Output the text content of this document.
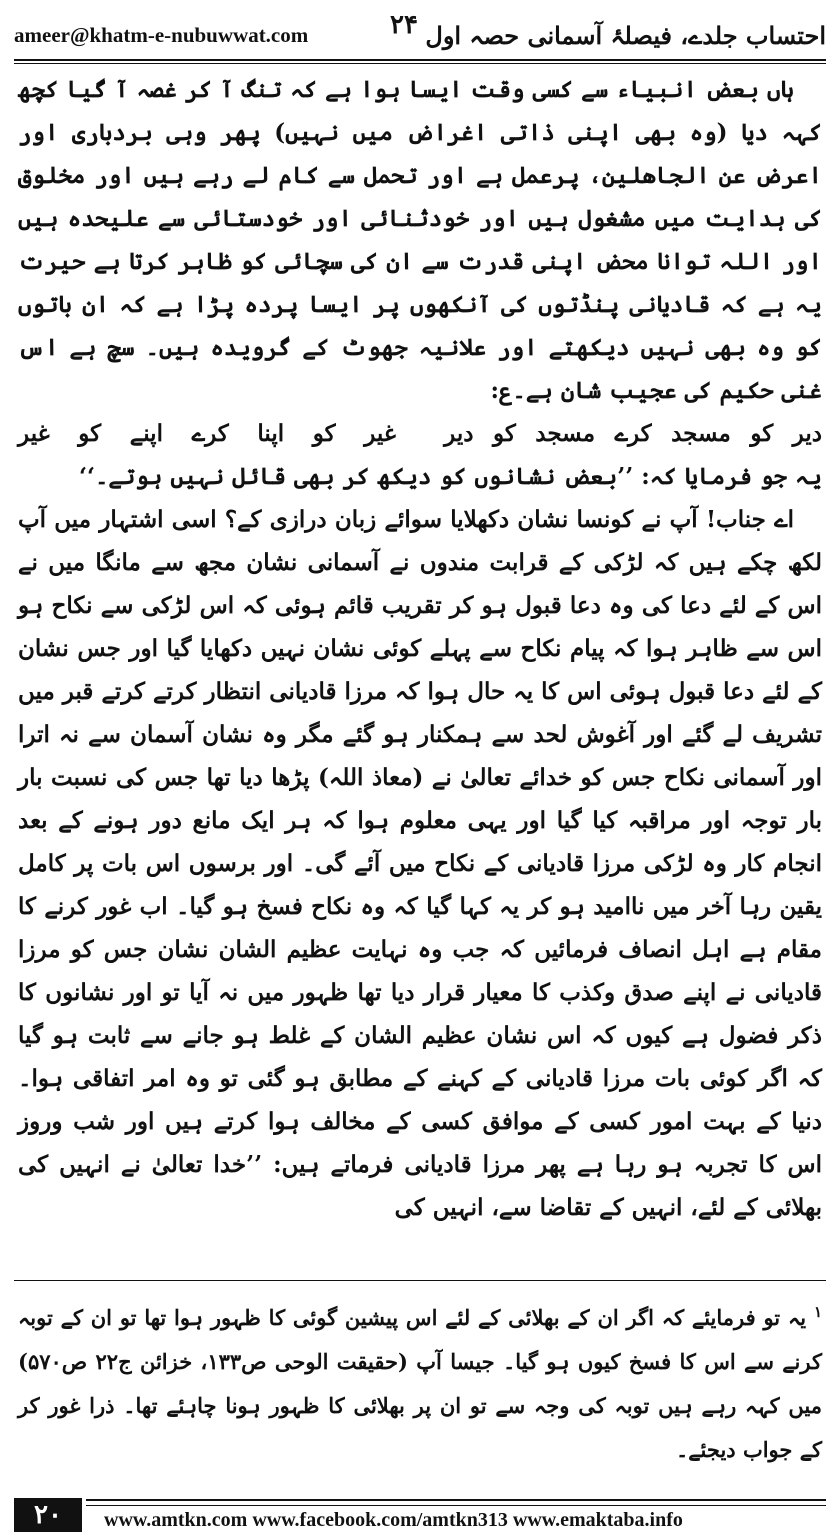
ameer@khatm-e-nubuwwat.com	احتساب جلدے، فیصلۂ آسمانی حصہ اول
۲۴

ہاں بعض انبیاء سے کسی وقت ایسا ہوا ہے کہ تنگ آ کر غصہ آ گیا کچھ کہہ دیا (وہ بھی اپنی ذاتی اغراض میں نہیں) پھر وہی بردباری اور اعرض عن الجاھلین، پرعمل ہے اور تحمل سے کام لے رہے ہیں اور مخلوق کی ہدایت میں مشغول ہیں اور خودثنائی اور خودستائی سے علیحدہ ہیں اور اللہ توانا محض اپنی قدرت سے ان کی سچائی کو ظاہر کرتا ہے حیرت یہ ہے کہ قادیانی پنڈتوں کی آنکھوں پر ایسا پردہ پڑا ہے کہ ان باتوں کو وہ بھی نہیں دیکھتے اور علانیہ جھوٹ کے گرویدہ ہیں۔ سچ ہے اس غنی حکیم کی عجیب شان ہے۔ع:

دیر کو مسجد کرے مسجد کو دیر
غیر کو اپنا کرے اپنے کو غیر

یہ جو فرمایا کہ: ’’بعض نشانوں کو دیکھ کر بھی قائل نہیں ہوتے۔‘‘

اے جناب! آپ نے کونسا نشان دکھلایا سوائے زبان درازی کے؟ اسی اشتہار میں آپ لکھ چکے ہیں کہ لڑکی کے قرابت مندوں نے آسمانی نشان مجھ سے مانگا میں نے اس کے لئے دعا کی وہ دعا قبول ہو کر تقریب قائم ہوئی کہ اس لڑکی سے نکاح ہو اس سے ظاہر ہوا کہ پیام نکاح سے پہلے کوئی نشان نہیں دکھایا گیا اور جس نشان کے لئے دعا قبول ہوئی اس کا یہ حال ہوا کہ مرزا قادیانی انتظار کرتے کرتے قبر میں تشریف لے گئے اور آغوش لحد سے ہمکنار ہو گئے مگر وہ نشان آسمان سے نہ اترا اور آسمانی نکاح جس کو خدائے تعالیٰ نے (معاذ اللہ) پڑھا دیا تھا جس کی نسبت بار بار توجہ اور مراقبہ کیا گیا اور یہی معلوم ہوا کہ ہر ایک مانع دور ہونے کے بعد انجام کار وہ لڑکی مرزا قادیانی کے نکاح میں آئے گی۔ اور برسوں اس بات پر کامل یقین رہا آخر میں ناامید ہو کر یہ کہا گیا کہ وہ نکاح فسخ ہو گیا۔ اب غور کرنے کا مقام ہے اہل انصاف فرمائیں کہ جب وہ نہایت عظیم الشان نشان جس کو مرزا قادیانی نے اپنے صدق وکذب کا معیار قرار دیا تھا ظہور میں نہ آیا تو اور نشانوں کا ذکر فضول ہے کیوں کہ اس نشان عظیم الشان کے غلط ہو جانے سے ثابت ہو گیا کہ اگر کوئی بات مرزا قادیانی کے کہنے کے مطابق ہو گئی تو وہ امر اتفاقی ہوا۔ دنیا کے بہت امور کسی کے موافق کسی کے مخالف ہوا کرتے ہیں اور شب وروز اس کا تجربہ ہو رہا ہے پھر مرزا قادیانی فرماتے ہیں: ’’خدا تعالیٰ نے انہیں کی بھلائی کے لئے، انہیں کے تقاضا سے، انہیں کی

$^۱$ یہ تو فرمایئے کہ اگر ان کے بھلائی کے لئے اس پیشین گوئی کا ظہور ہوا تھا تو ان کے توبہ کرنے سے اس کا فسخ کیوں ہو گیا۔ جیسا آپ (حقیقت الوحی ص۱۳۳، خزائن ج۲۲ ص۵۷۰) میں کہہ رہے ہیں توبہ کی وجہ سے تو ان پر بھلائی کا ظہور ہونا چاہئے تھا۔ ذرا غور کر کے جواب دیجئے۔
۲۰	www.amtkn.com www.facebook.com/amtkn313 www.emaktaba.info
